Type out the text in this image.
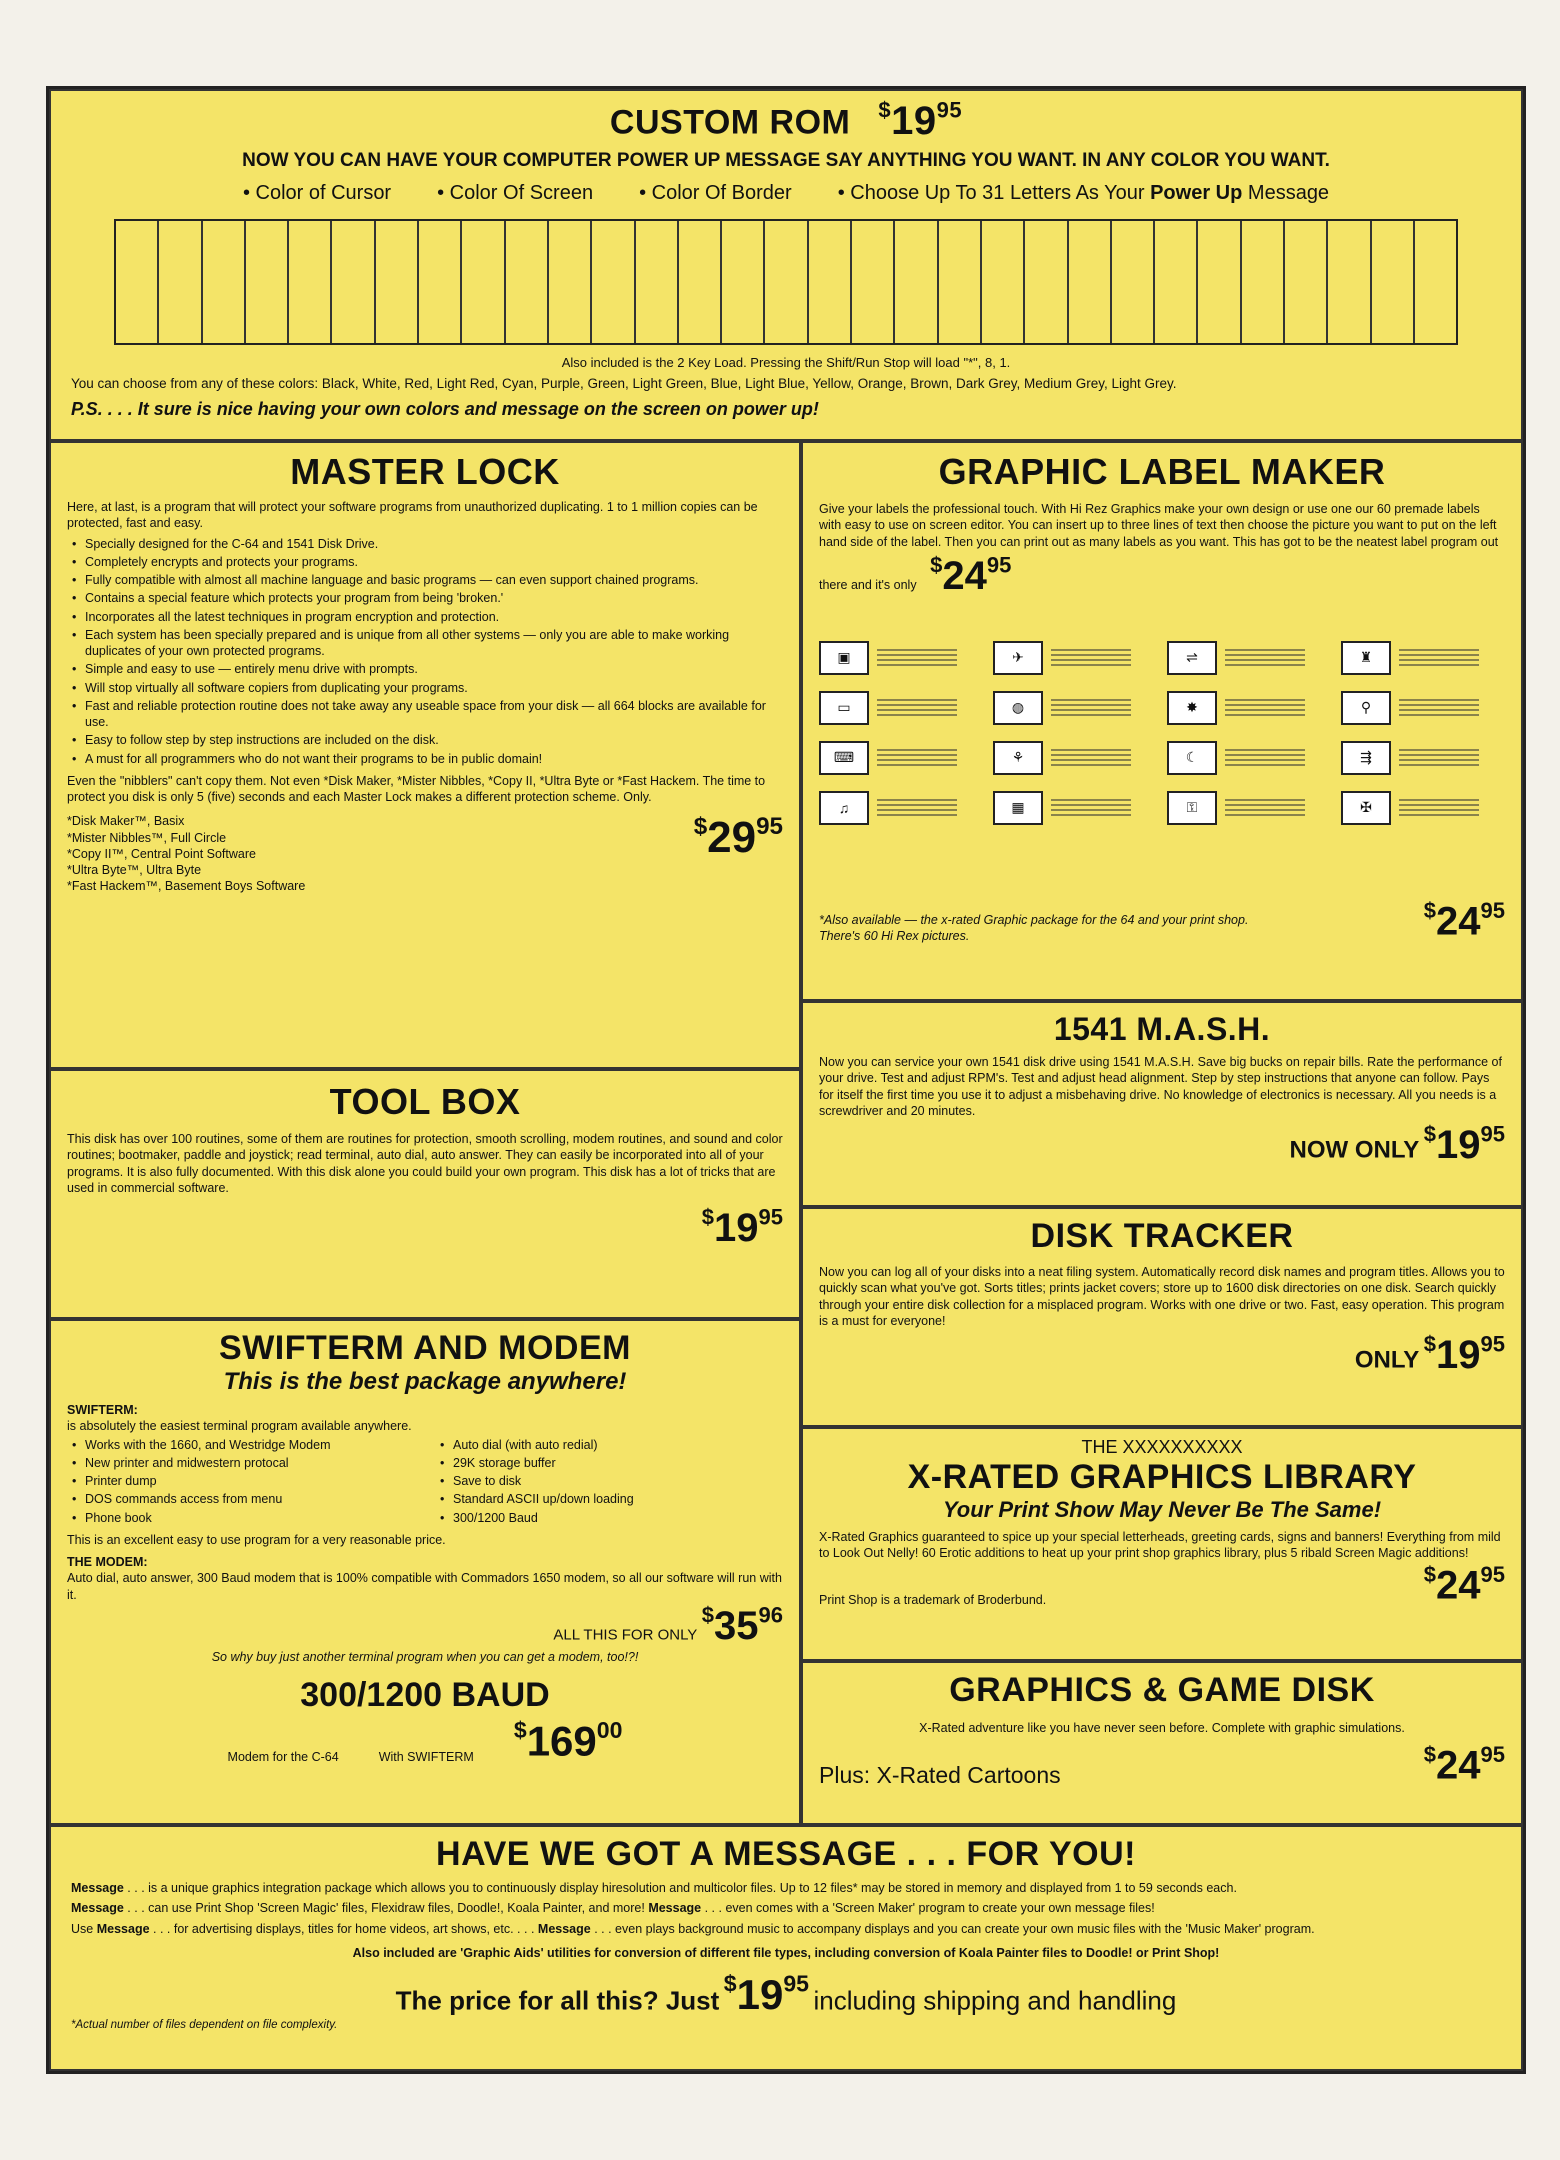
CUSTOM ROM $^{\$}19^{95}$
NOW YOU CAN HAVE YOUR COMPUTER POWER UP MESSAGE SAY ANYTHING YOU WANT. IN ANY COLOR YOU WANT.
• Color of Cursor • Color Of Screen • Color Of Border • Choose Up To 31 Letters As Your Power Up Message
Also included is the 2 Key Load. Pressing the Shift/Run Stop will load "*", 8, 1.
You can choose from any of these colors: Black, White, Red, Light Red, Cyan, Purple, Green, Light Green, Blue, Light Blue, Yellow, Orange, Brown, Dark Grey, Medium Grey, Light Grey.
P.S. . . . It sure is nice having your own colors and message on the screen on power up!
MASTER LOCK
Here, at last, is a program that will protect your software programs from unauthorized duplicating. 1 to 1 million copies can be protected, fast and easy.
• Specially designed for the C-64 and 1541 Disk Drive.
• Completely encrypts and protects your programs.
• Fully compatible with almost all machine language and basic programs — can even support chained programs.
• Contains a special feature which protects your program from being 'broken.'
• Incorporates all the latest techniques in program encryption and protection.
• Each system has been specially prepared and is unique from all other systems — only you are able to make working duplicates of your own protected programs.
• Simple and easy to use — entirely menu drive with prompts.
• Will stop virtually all software copiers from duplicating your programs.
• Fast and reliable protection routine does not take away any useable space from your disk — all 664 blocks are available for use.
• Easy to follow step by step instructions are included on the disk.
• A must for all programmers who do not want their programs to be in public domain!
Even the "nibblers" can't copy them. Not even *Disk Maker, *Mister Nibbles, *Copy II, *Ultra Byte or *Fast Hackem. The time to protect you disk is only 5 (five) seconds and each Master Lock makes a different protection scheme. Only.
*Disk Maker™, Basix
*Mister Nibbles™, Full Circle
*Copy II™, Central Point Software
*Ultra Byte™, Ultra Byte
*Fast Hackem™, Basement Boys Software
$^{\$}29^{95}$
GRAPHIC LABEL MAKER
Give your labels the professional touch. With Hi Rez Graphics make your own design or use one our 60 premade labels with easy to use on screen editor. You can insert up to three lines of text then choose the picture you want to put on the left hand side of the label. Then you can print out as many labels as you want. This has got to be the neatest label program out there and it's only $^{\$}24^{95}$
▣	✈	⇌	♜
▭	◍	✸	⚲
⌨	⚘	☾	⇶
♫	▦	⚿	✠
*Also available — the x-rated Graphic package for the 64 and your print shop. There's 60 Hi Rex pictures.
$^{\$}24^{95}$
1541 M.A.S.H.
Now you can service your own 1541 disk drive using 1541 M.A.S.H. Save big bucks on repair bills. Rate the performance of your drive. Test and adjust RPM's. Test and adjust head alignment. Step by step instructions that anyone can follow. Pays for itself the first time you use it to adjust a misbehaving drive. No knowledge of electronics is necessary. All you needs is a screwdriver and 20 minutes.
NOW ONLY $^{\$}19^{95}$
TOOL BOX
This disk has over 100 routines, some of them are routines for protection, smooth scrolling, modem routines, and sound and color routines; bootmaker, paddle and joystick; read terminal, auto dial, auto answer. They can easily be incorporated into all of your programs. It is also fully documented. With this disk alone you could build your own program. This disk has a lot of tricks that are used in commercial software.
$^{\$}19^{95}$
DISK TRACKER
Now you can log all of your disks into a neat filing system. Automatically record disk names and program titles. Allows you to quickly scan what you've got. Sorts titles; prints jacket covers; store up to 1600 disk directories on one disk. Search quickly through your entire disk collection for a misplaced program. Works with one drive or two. Fast, easy operation. This program is a must for everyone!
ONLY $^{\$}19^{95}$
SWIFTERM AND MODEM
This is the best package anywhere!
SWIFTERM:
is absolutely the easiest terminal program available anywhere.
• Works with the 1660, and Westridge Modem
• New printer and midwestern protocal
• Printer dump
• DOS commands access from menu
• Phone book
• Auto dial (with auto redial)
• 29K storage buffer
• Save to disk
• Standard ASCII up/down loading
• 300/1200 Baud
This is an excellent easy to use program for a very reasonable price.
THE MODEM:
Auto dial, auto answer, 300 Baud modem that is 100% compatible with Commadors 1650 modem, so all our software will run with it.
ALL THIS FOR ONLY $^{\$}35^{96}$
So why buy just another terminal program when you can get a modem, too!?!
300/1200 BAUD
Modem for the C-64	With SWIFTERM
$^{\$}169^{00}$
THE XXXXXXXXXX
X-RATED GRAPHICS LIBRARY
Your Print Show May Never Be The Same!
X-Rated Graphics guaranteed to spice up your special letterheads, greeting cards, signs and banners! Everything from mild to Look Out Nelly! 60 Erotic additions to heat up your print shop graphics library, plus 5 ribald Screen Magic additions!
Print Shop is a trademark of Broderbund.
$^{\$}24^{95}$
GRAPHICS & GAME DISK
X-Rated adventure like you have never seen before. Complete with graphic simulations.
Plus: X-Rated Cartoons
$^{\$}24^{95}$
HAVE WE GOT A MESSAGE . . . FOR YOU!
Message . . . is a unique graphics integration package which allows you to continuously display hiresolution and multicolor files. Up to 12 files* may be stored in memory and displayed from 1 to 59 seconds each.
Message . . . can use Print Shop 'Screen Magic' files, Flexidraw files, Doodle!, Koala Painter, and more! Message . . . even comes with a 'Screen Maker' program to create your own message files!
Use Message . . . for advertising displays, titles for home videos, art shows, etc. . . . Message . . . even plays background music to accompany displays and you can create your own music files with the 'Music Maker' program.
Also included are 'Graphic Aids' utilities for conversion of different file types, including conversion of Koala Painter files to Doodle! or Print Shop!
The price for all this? Just $^{\$}19^{95}$ including shipping and handling
*Actual number of files dependent on file complexity.
